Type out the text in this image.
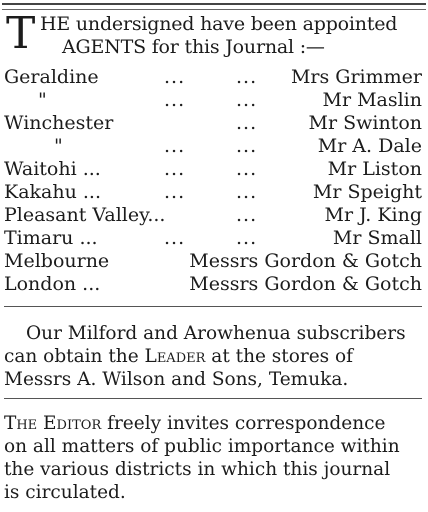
T HE undersigned have been appointed
AGENTS for this Journal :—
Geraldine	...	... Mrs Grimmer
"	...	...	Mr Maslin
Winchester	...	Mr Swinton
"	...	...	Mr A. Dale
Waitohi ...	...	...	Mr Liston
Kakahu ...	...	...	Mr Speight
Pleasant Valley...	...	Mr J. King
Timaru ...	...	...	Mr Small
Melbourne	Messrs Gordon & Gotch
London ...	Messrs Gordon & Gotch
Our Milford and Arowhenua subscribers
can obtain the Leader at the stores of
Messrs A. Wilson and Sons, Temuka.
The Editor freely invites correspondence
on all matters of public importance within
the various districts in which this journal
is circulated.
